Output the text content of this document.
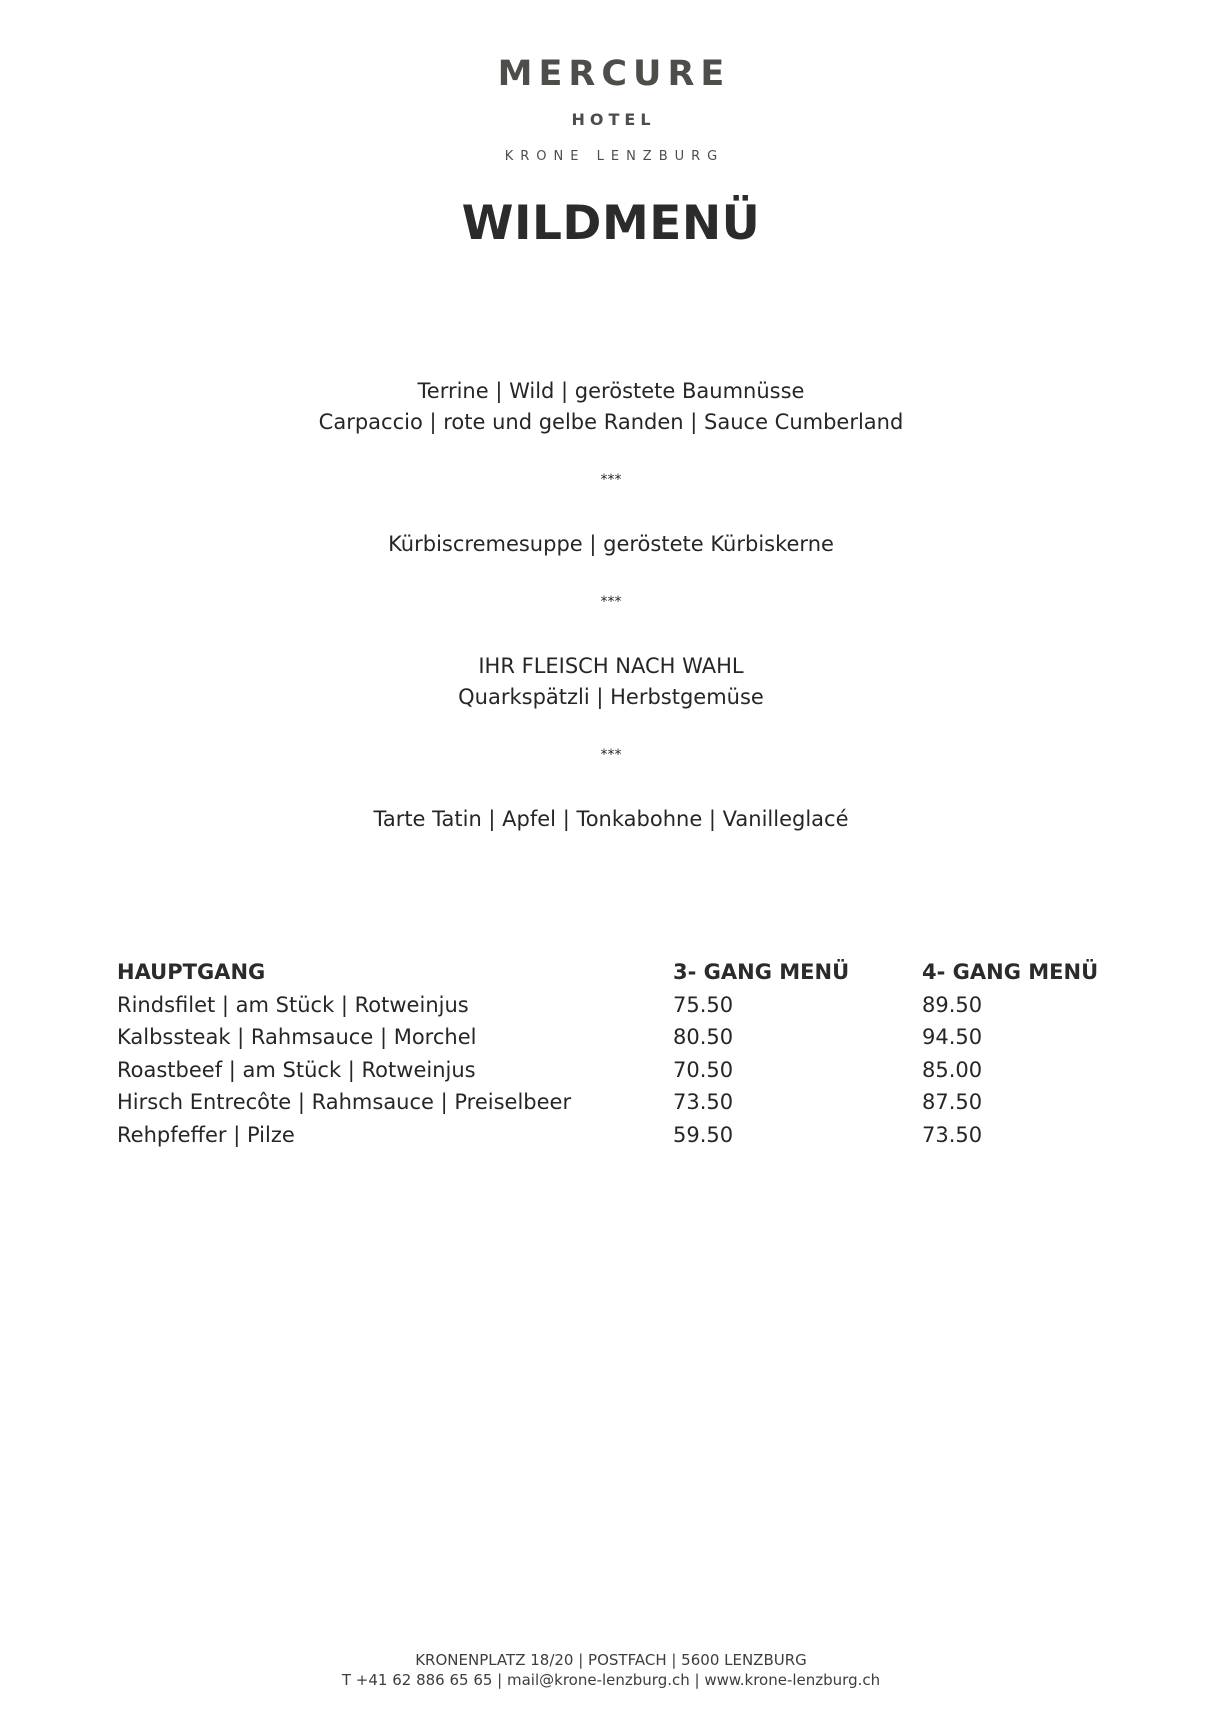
MERCURE
HOTEL
KRONE LENZBURG
WILDMENÜ
Terrine | Wild | geröstete Baumnüsse
Carpaccio | rote und gelbe Randen | Sauce Cumberland
***
Kürbiscremesuppe | geröstete Kürbiskerne
***
IHR FLEISCH NACH WAHL
Quarkspätzli | Herbstgemüse
***
Tarte Tatin | Apfel | Tonkabohne | Vanilleglacé
HAUPTGANG	3- GANG MENÜ	4- GANG MENÜ
Rindsfilet | am Stück | Rotweinjus	75.50	89.50
Kalbssteak | Rahmsauce | Morchel	80.50	94.50
Roastbeef | am Stück | Rotweinjus	70.50	85.00
Hirsch Entrecôte | Rahmsauce | Preiselbeer	73.50	87.50
Rehpfeffer | Pilze	59.50	73.50
KRONENPLATZ 18/20 | POSTFACH | 5600 LENZBURG
T +41 62 886 65 65 | mail@krone-lenzburg.ch | www.krone-lenzburg.ch
